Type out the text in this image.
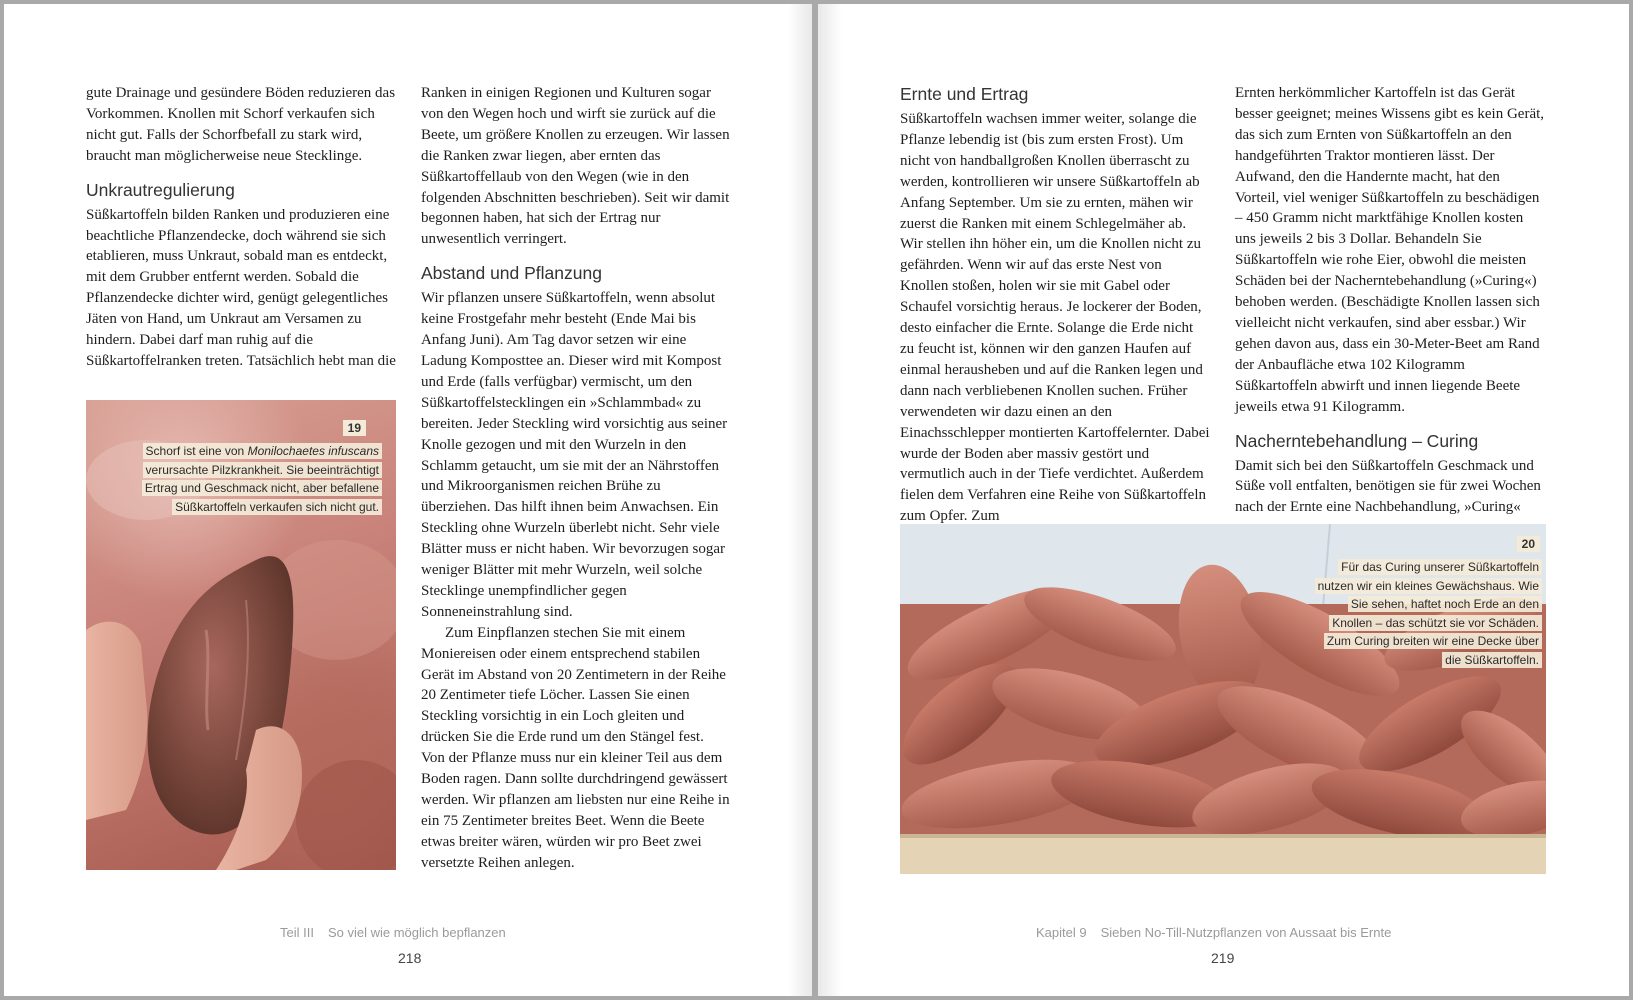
gute Drainage und gesündere Böden reduzieren das Vorkommen. Knollen mit Schorf verkaufen sich nicht gut. Falls der Schorfbefall zu stark wird, braucht man möglicherweise neue Stecklinge.

Unkrautregulierung

Süßkartoffeln bilden Ranken und produzieren eine beachtliche Pflanzendecke, doch während sie sich etablieren, muss Unkraut, sobald man es entdeckt, mit dem Grubber entfernt werden. Sobald die Pflanzendecke dichter wird, genügt gelegentliches Jäten von Hand, um Unkraut am Versamen zu hindern. Dabei darf man ruhig auf die Süßkartoffelranken treten. Tatsächlich hebt man die

Ranken in einigen Regionen und Kulturen sogar von den Wegen hoch und wirft sie zurück auf die Beete, um größere Knollen zu erzeugen. Wir lassen die Ranken zwar liegen, aber ernten das Süßkartoffellaub von den Wegen (wie in den folgenden Abschnitten beschrieben). Seit wir damit begonnen haben, hat sich der Ertrag nur unwesentlich verringert.

Abstand und Pflanzung

Wir pflanzen unsere Süßkartoffeln, wenn absolut keine Frostgefahr mehr besteht (Ende Mai bis Anfang Juni). Am Tag davor setzen wir eine Ladung Komposttee an. Dieser wird mit Kompost und Erde (falls verfügbar) vermischt, um den Süßkartoffelstecklingen ein »Schlammbad« zu bereiten. Jeder Steckling wird vorsichtig aus seiner Knolle gezogen und mit den Wurzeln in den Schlamm getaucht, um sie mit der an Nährstoffen und Mikroorganismen reichen Brühe zu überziehen. Das hilft ihnen beim Anwachsen. Ein Steckling ohne Wurzeln überlebt nicht. Sehr viele Blätter muss er nicht haben. Wir bevorzugen sogar weniger Blätter mit mehr Wurzeln, weil solche Stecklinge unempfindlicher gegen Sonneneinstrahlung sind.

Zum Einpflanzen stechen Sie mit einem Moniereisen oder einem entsprechend stabilen Gerät im Abstand von 20 Zentimetern in der Reihe 20 Zentimeter tiefe Löcher. Lassen Sie einen Steckling vorsichtig in ein Loch gleiten und drücken Sie die Erde rund um den Stängel fest. Von der Pflanze muss nur ein kleiner Teil aus dem Boden ragen. Dann sollte durchdringend gewässert werden. Wir pflanzen am liebsten nur eine Reihe in ein 75 Zentimeter breites Beet. Wenn die Beete etwas breiter wären, würden wir pro Beet zwei versetzte Reihen anlegen.

19
Schorf ist eine von Monilochaetes infuscans verursachte Pilzkrankheit. Sie beeinträchtigt Ertrag und Geschmack nicht, aber befallene Süßkartoffeln verkaufen sich nicht gut.
Teil III So viel wie möglich bepflanzen
218
Ernte und Ertrag

Süßkartoffeln wachsen immer weiter, solange die Pflanze lebendig ist (bis zum ersten Frost). Um nicht von handballgroßen Knollen überrascht zu werden, kontrollieren wir unsere Süßkartoffeln ab Anfang September. Um sie zu ernten, mähen wir zuerst die Ranken mit einem Schlegelmäher ab. Wir stellen ihn höher ein, um die Knollen nicht zu gefährden. Wenn wir auf das erste Nest von Knollen stoßen, holen wir sie mit Gabel oder Schaufel vorsichtig heraus. Je lockerer der Boden, desto einfacher die Ernte. Solange die Erde nicht zu feucht ist, können wir den ganzen Haufen auf einmal herausheben und auf die Ranken legen und dann nach verbliebenen Knollen suchen. Früher verwendeten wir dazu einen an den Einachsschlepper montierten Kartoffelernter. Dabei wurde der Boden aber massiv gestört und vermutlich auch in der Tiefe verdichtet. Außerdem fielen dem Verfahren eine Reihe von Süßkartoffeln zum Opfer. Zum

Ernten herkömmlicher Kartoffeln ist das Gerät besser geeignet; meines Wissens gibt es kein Gerät, das sich zum Ernten von Süßkartoffeln an den handgeführten Traktor montieren lässt. Der Aufwand, den die Handernte macht, hat den Vorteil, viel weniger Süßkartoffeln zu beschädigen – 450 Gramm nicht marktfähige Knollen kosten uns jeweils 2 bis 3 Dollar. Behandeln Sie Süßkartoffeln wie rohe Eier, obwohl die meisten Schäden bei der Nacherntebehandlung (»Curing«) behoben werden. (Beschädigte Knollen lassen sich vielleicht nicht verkaufen, sind aber essbar.) Wir gehen davon aus, dass ein 30-Meter-Beet am Rand der Anbaufläche etwa 102 Kilogramm Süßkartoffeln abwirft und innen liegende Beete jeweils etwa 91 Kilogramm.

Nacherntebehandlung – Curing

Damit sich bei den Süßkartoffeln Geschmack und Süße voll entfalten, benötigen sie für zwei Wochen nach der Ernte eine Nachbehandlung, »Curing«

20
Für das Curing unserer Süßkartoffeln nutzen wir ein kleines Gewächshaus. Wie Sie sehen, haftet noch Erde an den Knollen – das schützt sie vor Schäden. Zum Curing breiten wir eine Decke über die Süßkartoffeln.
Kapitel 9 Sieben No-Till-Nutzpflanzen von Aussaat bis Ernte
219
